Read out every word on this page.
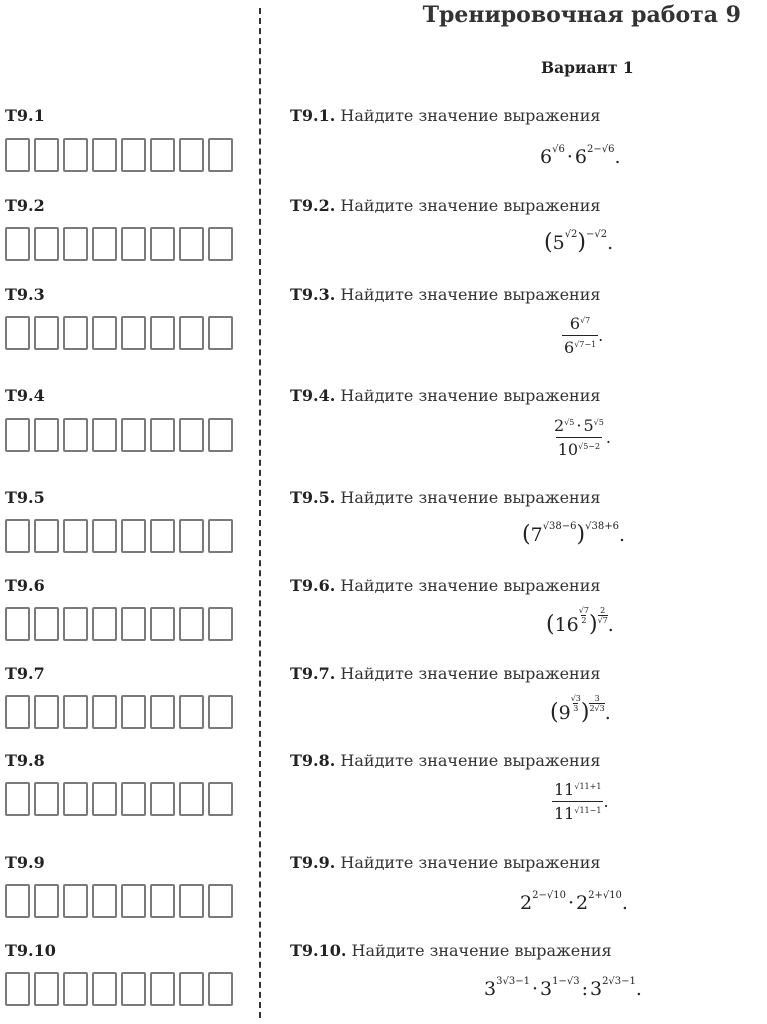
Тренировочная работа 9
Вариант 1
T9.1	T9.1. Найдите значение выражения
6 √6 · 6 2−√6 .
T9.2	T9.2. Найдите значение выражения
( 5 √2 ) −√2 .
T9.3	T9.3. Найдите значение выражения
$\frac{6^{√7}}{6^{√7-1}}$ .
T9.4	T9.4. Найдите значение выражения
$\frac{2^{√5} \cdot 5^{√5}}{10^{√5-2}}$ .
T9.5	T9.5. Найдите значение выражения
( 7 √38−6 ) √38+6 .
T9.6	T9.6. Найдите значение выражения
( 16
√7
2 )
2
√7 .
T9.7	T9.7. Найдите значение выражения
( 9
√3
3 )
3
2√3 .
T9.8	T9.8. Найдите значение выражения
$\frac{11^{√11+1}}{11^{√11-1}}$ .
T9.9	T9.9. Найдите значение выражения
2 2−√10 · 2 2+√10 .
T9.10	T9.10. Найдите значение выражения
3 3√3−1 · 3 1−√3 : 3 2√3−1 .
